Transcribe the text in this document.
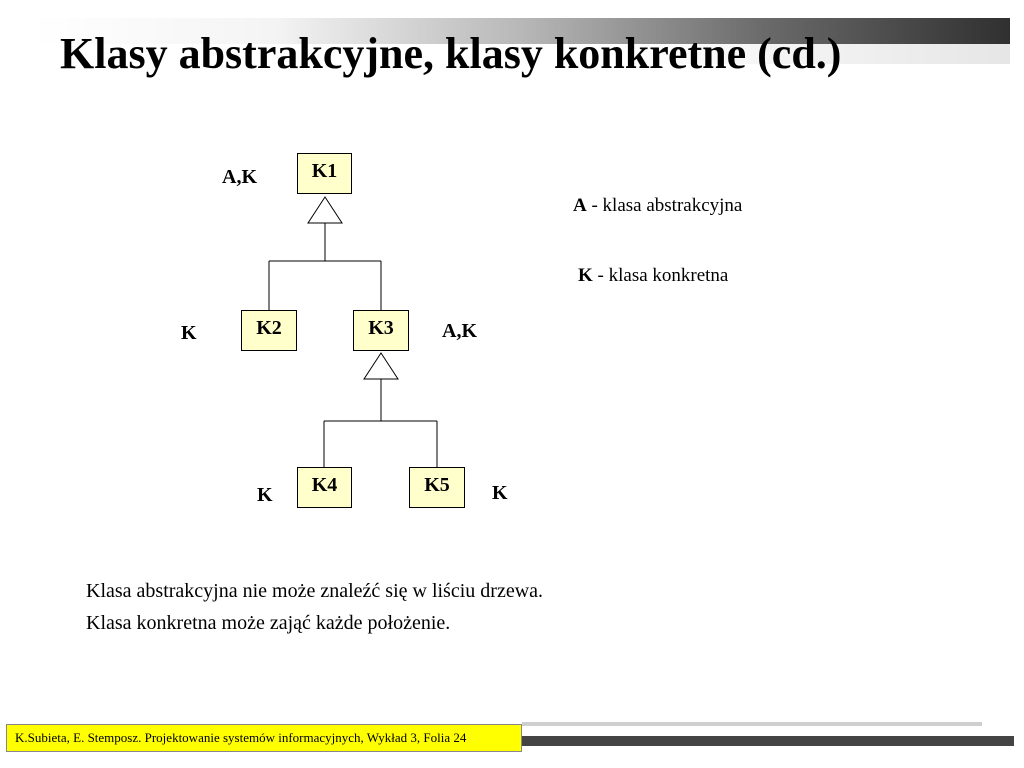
Klasy abstrakcyjne, klasy konkretne (cd.)
K1
K2	K3
K4	K5
A,K
K	A,K
K	K
A - klasa abstrakcyjna
K - klasa konkretna
Klasa abstrakcyjna nie może znaleźć się w liściu drzewa.
Klasa konkretna może zająć każde położenie.
K.Subieta, E. Stemposz. Projektowanie systemów informacyjnych, Wykład 3, Folia 24
